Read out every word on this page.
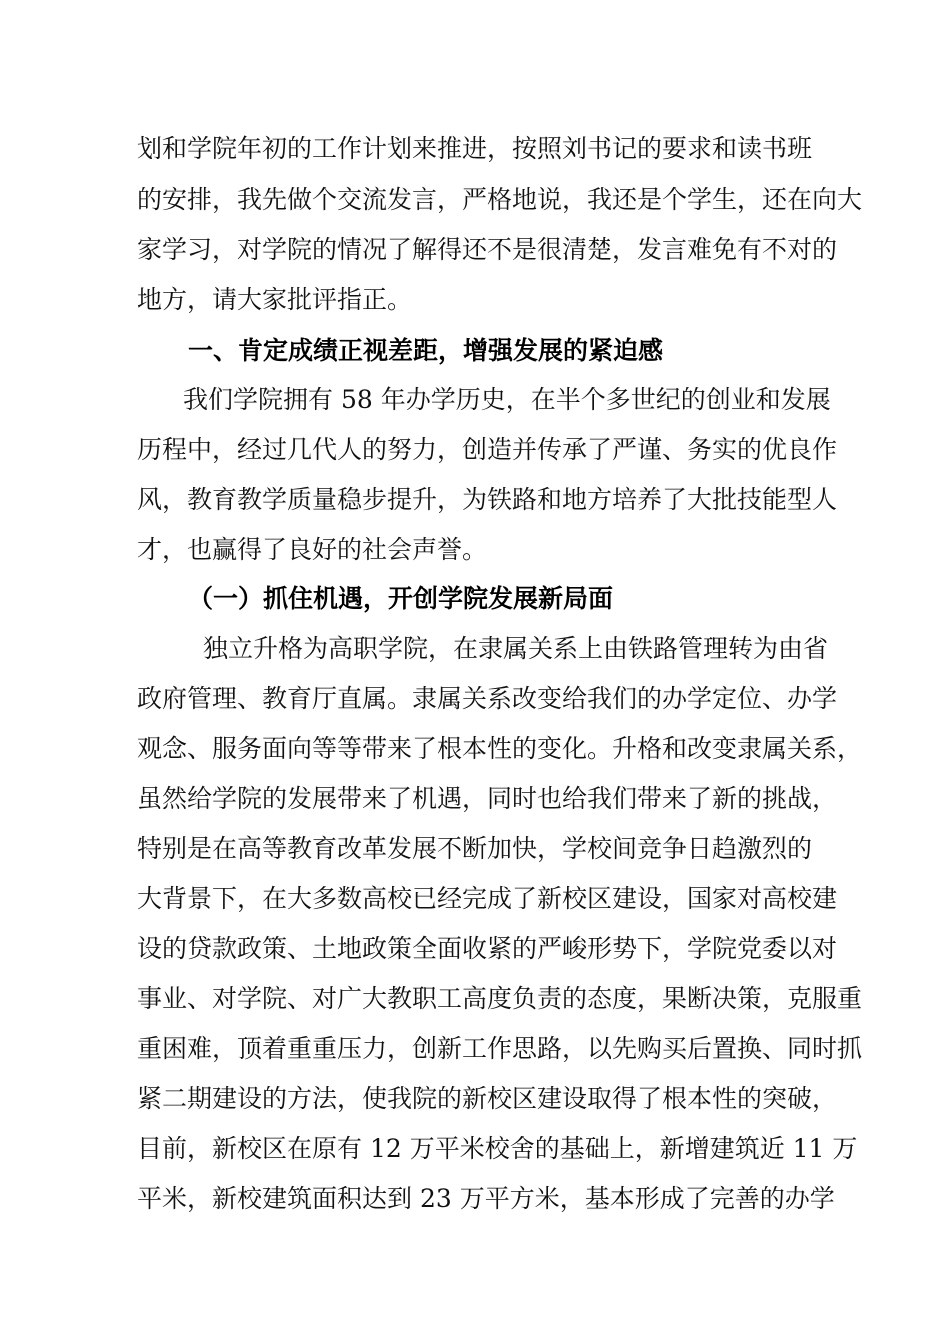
划和学院年初的工作计划来推进，按照刘书记的要求和读书班
的安排，我先做个交流发言，严格地说，我还是个学生，还在向大
家学习，对学院的情况了解得还不是很清楚，发言难免有不对的
地方，请大家批评指正。
一、肯定成绩正视差距，增强发展的紧迫感
我们学院拥有 58 年办学历史，在半个多世纪的创业和发展
历程中，经过几代人的努力，创造并传承了严谨、务实的优良作
风，教育教学质量稳步提升，为铁路和地方培养了大批技能型人
才，也赢得了良好的社会声誉。
（一）抓住机遇，开创学院发展新局面
独立升格为高职学院，在隶属关系上由铁路管理转为由省
政府管理、教育厅直属。隶属关系改变给我们的办学定位、办学
观念、服务面向等等带来了根本性的变化。升格和改变隶属关系，
虽然给学院的发展带来了机遇，同时也给我们带来了新的挑战，
特别是在高等教育改革发展不断加快，学校间竞争日趋激烈的
大背景下，在大多数高校已经完成了新校区建设，国家对高校建
设的贷款政策、土地政策全面收紧的严峻形势下，学院党委以对
事业、对学院、对广大教职工高度负责的态度，果断决策，克服重
重困难，顶着重重压力，创新工作思路，以先购买后置换、同时抓
紧二期建设的方法，使我院的新校区建设取得了根本性的突破，
目前，新校区在原有 12 万平米校舍的基础上，新增建筑近 11 万
平米，新校建筑面积达到 23 万平方米，基本形成了完善的办学
